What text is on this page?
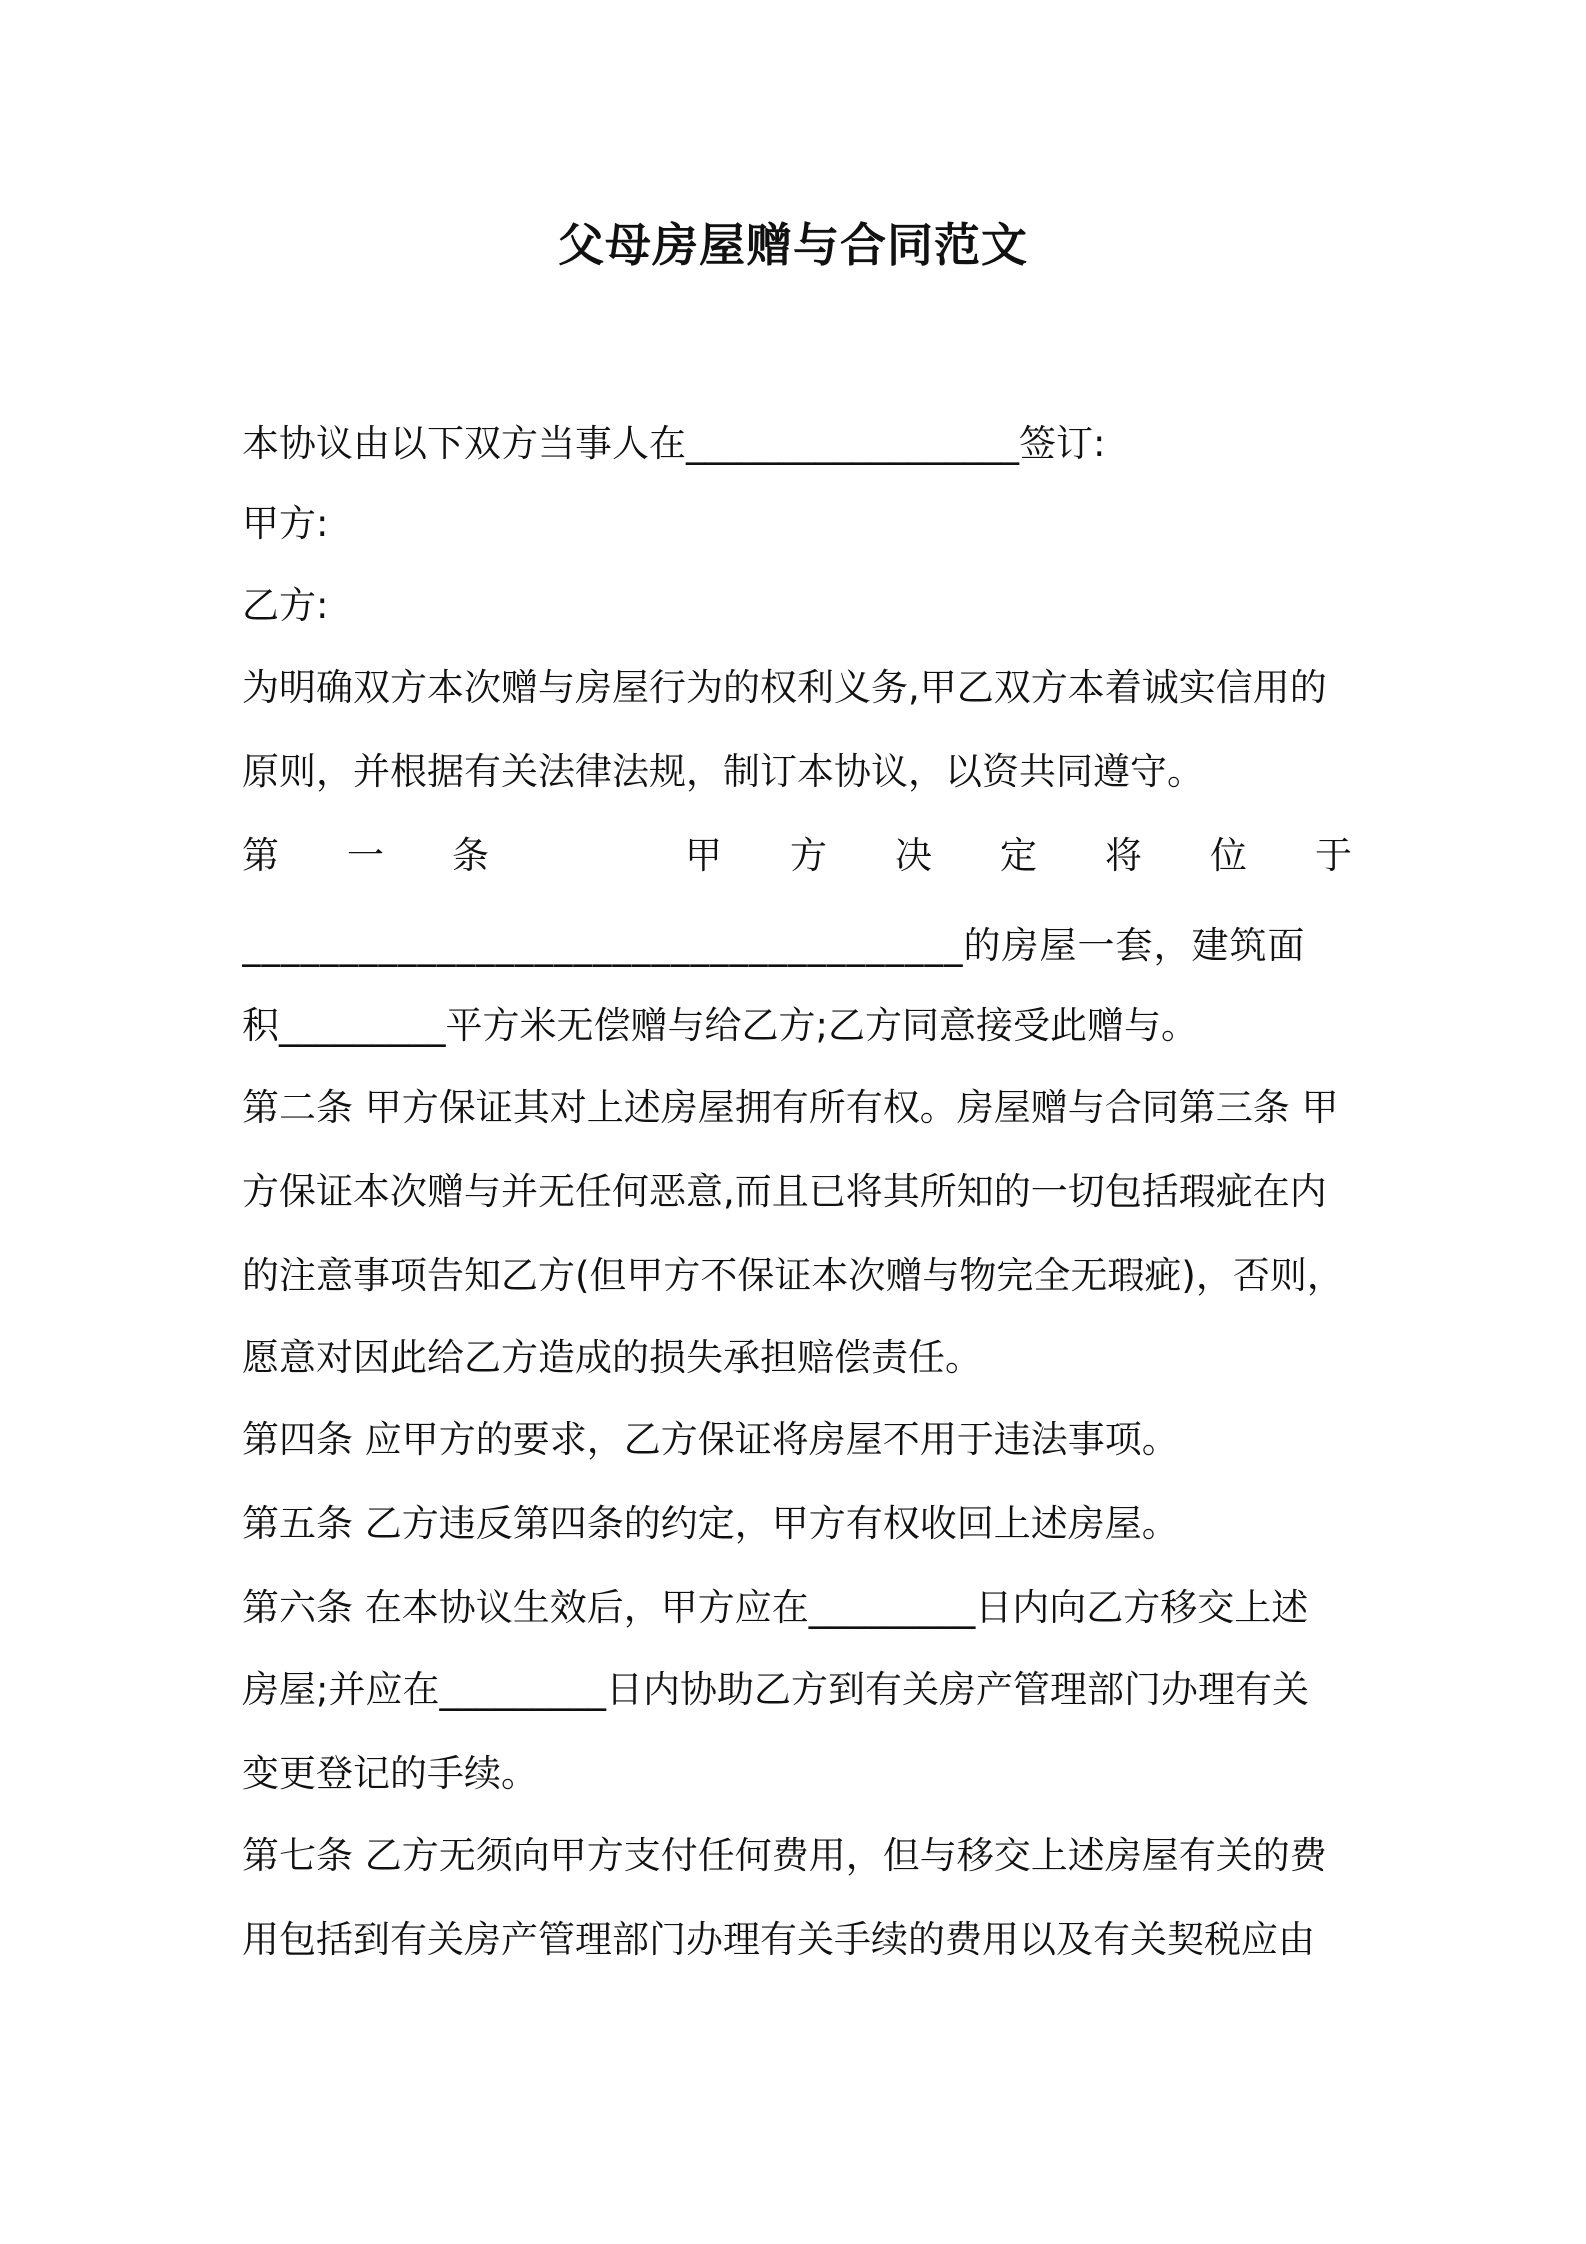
父母房屋赠与合同范文
本协议由以下双方当事人在__________________签订:
甲方:
乙方:
为明确双方本次赠与房屋行为的权利义务,甲乙双方本着诚实信用的
原则，并根据有关法律法规，制订本协议，以资共同遵守。
第 一 条	甲 方 决 定 将 位 于
_____________________________________的房屋一套，建筑面
积_________平方米无偿赠与给乙方;乙方同意接受此赠与。
第二条 甲方保证其对上述房屋拥有所有权。房屋赠与合同第三条 甲
方保证本次赠与并无任何恶意,而且已将其所知的一切包括瑕疵在内
的注意事项告知乙方(但甲方不保证本次赠与物完全无瑕疵)，否则，
愿意对因此给乙方造成的损失承担赔偿责任。
第四条 应甲方的要求，乙方保证将房屋不用于违法事项。
第五条 乙方违反第四条的约定，甲方有权收回上述房屋。
第六条 在本协议生效后，甲方应在_________日内向乙方移交上述
房屋;并应在_________日内协助乙方到有关房产管理部门办理有关
变更登记的手续。
第七条 乙方无须向甲方支付任何费用，但与移交上述房屋有关的费
用包括到有关房产管理部门办理有关手续的费用以及有关契税应由
